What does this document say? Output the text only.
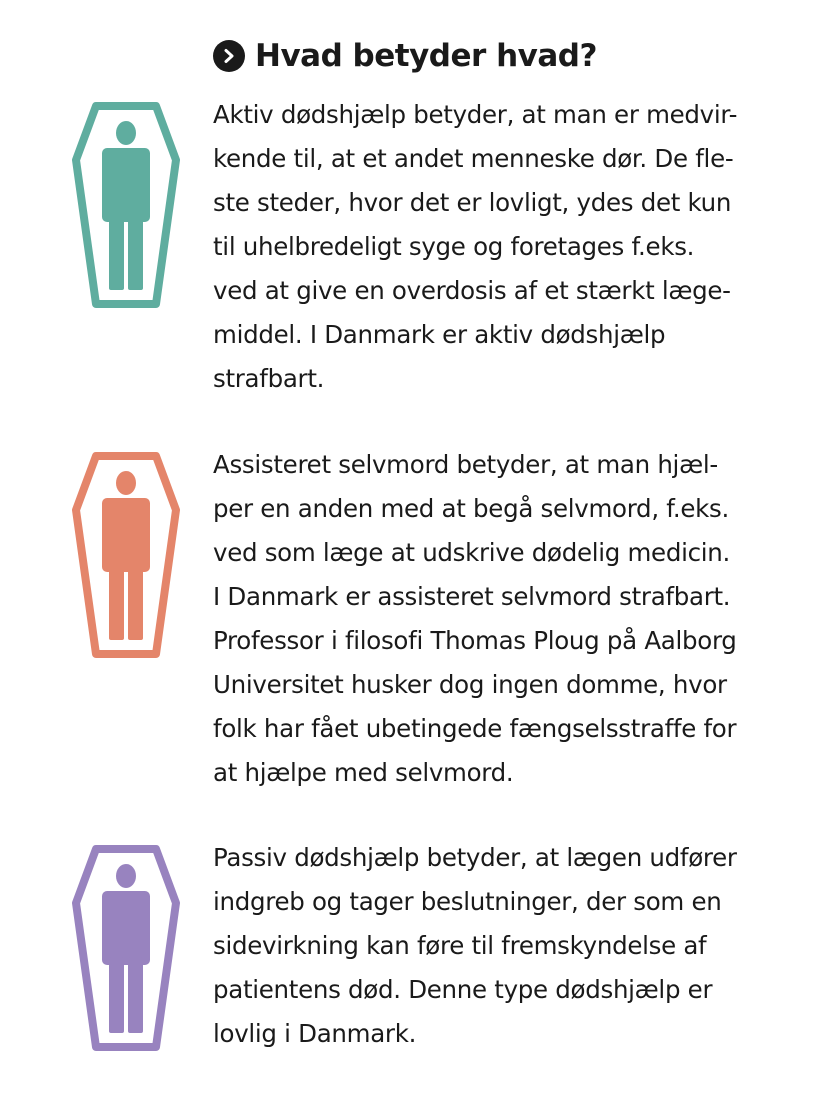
Hvad betyder hvad?
Aktiv dødshjælp betyder, at man er medvir-
kende til, at et andet menneske dør. De fle-
ste steder, hvor det er lovligt, ydes det kun
til uhelbredeligt syge og foretages f.eks.
ved at give en overdosis af et stærkt læge-
middel. I Danmark er aktiv dødshjælp
strafbart.
Assisteret selvmord betyder, at man hjæl-
per en anden med at begå selvmord, f.eks.
ved som læge at udskrive dødelig medicin.
I Danmark er assisteret selvmord strafbart.
Professor i filosofi Thomas Ploug på Aalborg
Universitet husker dog ingen domme, hvor
folk har fået ubetingede fængselsstraffe for
at hjælpe med selvmord.
Passiv dødshjælp betyder, at lægen udfører
indgreb og tager beslutninger, der som en
sidevirkning kan føre til fremskyndelse af
patientens død. Denne type dødshjælp er
lovlig i Danmark.
